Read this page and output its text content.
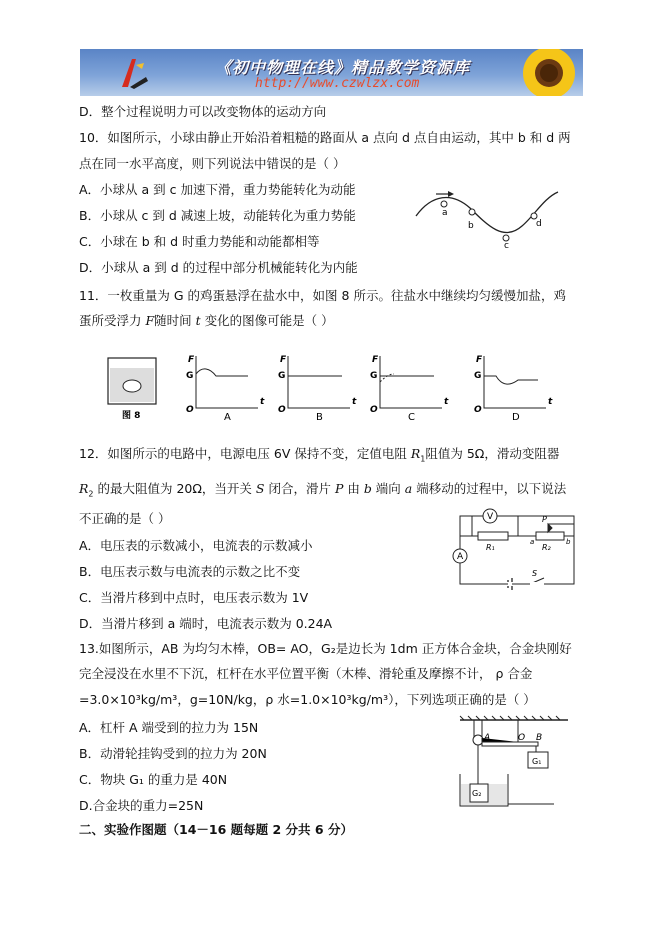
《初中物理在线》精品教学资源库
http://www.czwlzx.com
D．整个过程说明力可以改变物体的运动方向
10．如图所示，小球由静止开始沿着粗糙的路面从 a 点向 d 点自由运动，其中 b 和 d 两
点在同一水平高度，则下列说法中错误的是（ ）
A．小球从 a 到 c 加速下滑，重力势能转化为动能
B．小球从 c 到 d 减速上坡，动能转化为重力势能
C．小球在 b 和 d 时重力势能和动能都相等
D．小球从 a 到 d 的过程中部分机械能转化为内能
a
b
c
d
11．一枚重量为 G 的鸡蛋悬浮在盐水中，如图 8 所示。往盐水中继续均匀缓慢加盐，鸡
蛋所受浮力 F随时间 t 变化的图像可能是（ ）
图 8
F
G
O
t
A
F
G
O
t
B
F
G
O
t
C
F
G
O
t
D
12．如图所示的电路中，电源电压 6V 保持不变，定值电阻 $R_1$阻值为 5Ω，滑动变阻器
$R_2$ 的最大阻值为 20Ω，当开关 S 闭合，滑片 P 由 b 端向 a 端移动的过程中，以下说法
不正确的是（ ）
A．电压表的示数减小，电流表的示数减小
B．电压表示数与电流表的示数之比不变
C．当滑片移到中点时，电压表示数为 1V
D．当滑片移到 a 端时，电流表示数为 0.24A
V
A
P
R₁	R₂
a	b
S
13.如图所示，AB 为均匀木棒，OB= AO，G₂是边长为 1dm 正方体合金块，合金块刚好
完全浸没在水里不下沉，杠杆在水平位置平衡（木棒、滑轮重及摩擦不计， ρ 合金
=3.0×10³kg/m³，g=10N/kg，ρ 水=1.0×10³kg/m³），下列选项正确的是（ ）
A．杠杆 A 端受到的拉力为 15N
B．动滑轮挂钩受到的拉力为 20N
C．物块 G₁ 的重力是 40N
D.合金块的重力=25N
A	O B
G₁
G₂
二、实验作图题（14－16 题每题 2 分共 6 分）
